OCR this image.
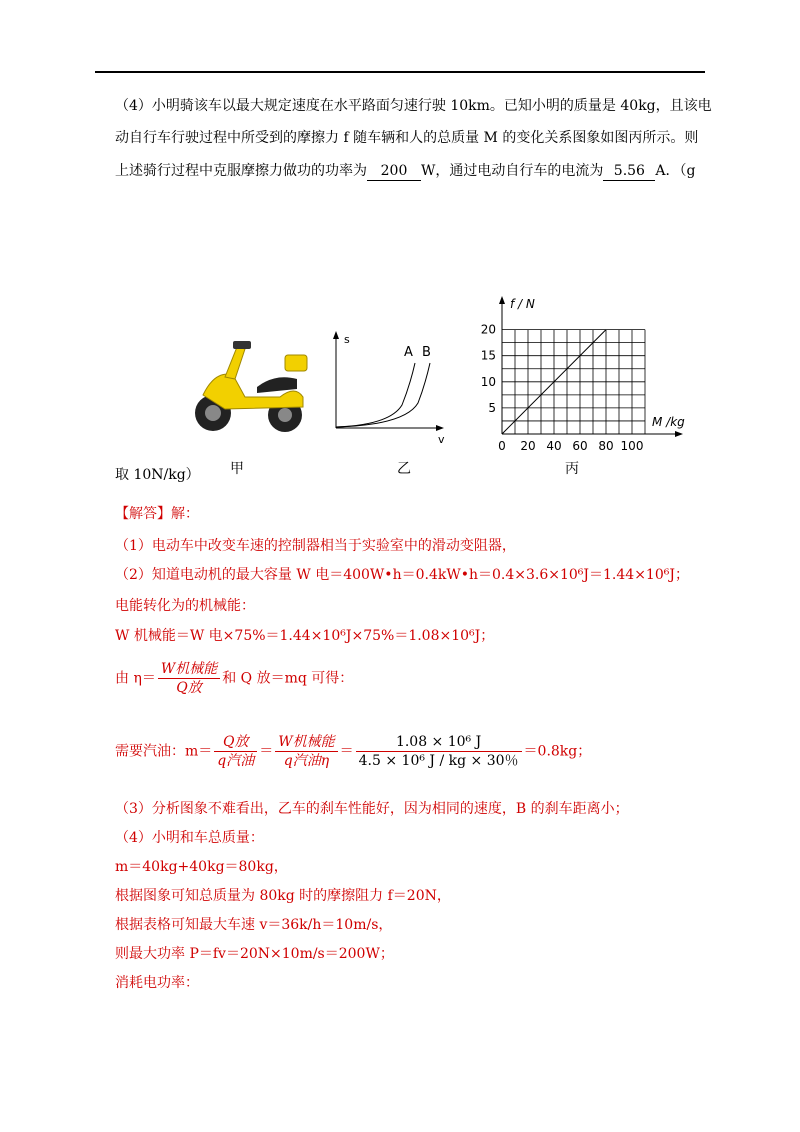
（4）小明骑该车以最大规定速度在水平路面匀速行驶 10km。已知小明的质量是 40kg，且该电
动自行车行驶过程中所受到的摩擦力 f 随车辆和人的总质量 M 的变化关系图象如图丙所示。则
上述骑行过程中克服摩擦力做功的功率为 200 W，通过电动自行车的电流为 5.56 A．（g
s
v
A B
0 20 40 60 80 100
5
10
15
20
f / N
M /kg
甲	乙	丙
取 10N/kg）
【解答】解：
（1）电动车中改变车速的控制器相当于实验室中的滑动变阻器，
（2）知道电动机的最大容量 W 电＝400W•h＝0.4kW•h＝0.4×3.6×10⁶J＝1.44×10⁶J；
电能转化为的机械能：
W 机械能＝W 电×75%＝1.44×10⁶J×75%＝1.08×10⁶J；
由 $\eta= \frac{\text{W机械能}}{\text{Q放}}$ 和 Q 放＝mq 可得：
需要汽油：$m= \frac{\text{Q放}}{\text{q汽油}} = \frac{\text{W机械能}}{\text{q汽油η}} = \frac{\text{1.08 × 10⁶ J}}{\text{4.5 × 10⁶ J / kg × 30％}} =0.8kg$；
（3）分析图象不难看出，乙车的刹车性能好，因为相同的速度，B 的刹车距离小；
（4）小明和车总质量：
m＝40kg+40kg＝80kg，
根据图象可知总质量为 80kg 时的摩擦阻力 f＝20N，
根据表格可知最大车速 v＝36k/h＝10m/s，
则最大功率 P＝fv＝20N×10m/s＝200W；
消耗电功率：
